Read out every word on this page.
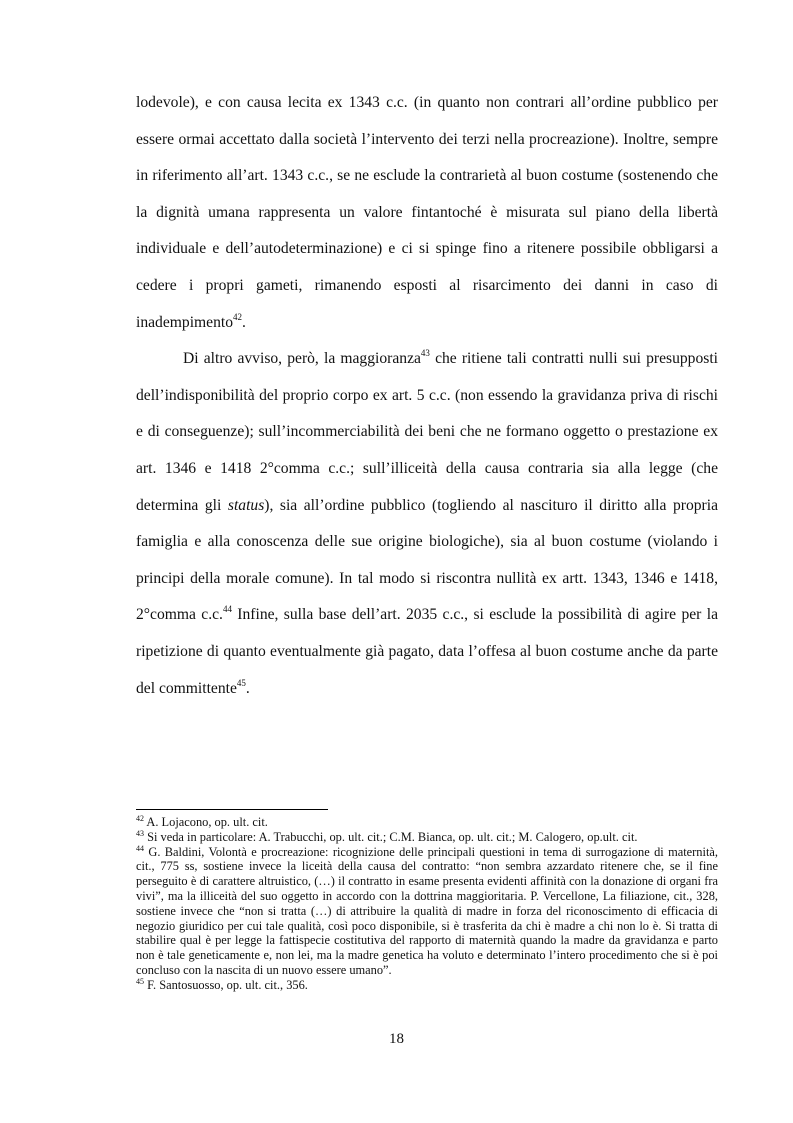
lodevole), e con causa lecita ex 1343 c.c. (in quanto non contrari all’ordine pubblico per essere ormai accettato dalla società l’intervento dei terzi nella procreazione). Inoltre, sempre in riferimento all’art. 1343 c.c., se ne esclude la contrarietà al buon costume (sostenendo che la dignità umana rappresenta un valore fintantoché è misurata sul piano della libertà individuale e dell’autodeterminazione) e ci si spinge fino a ritenere possibile obbligarsi a cedere i propri gameti, rimanendo esposti al risarcimento dei danni in caso di inadempimento$^{42}$.

Di altro avviso, però, la maggioranza$^{43}$ che ritiene tali contratti nulli sui presupposti dell’indisponibilità del proprio corpo ex art. 5 c.c. (non essendo la gravidanza priva di rischi e di conseguenze); sull’incommerciabilità dei beni che ne formano oggetto o prestazione ex art. 1346 e 1418 2°comma c.c.; sull’illiceità della causa contraria sia alla legge (che determina gli status), sia all’ordine pubblico (togliendo al nascituro il diritto alla propria famiglia e alla conoscenza delle sue origine biologiche), sia al buon costume (violando i principi della morale comune). In tal modo si riscontra nullità ex artt. 1343, 1346 e 1418, 2°comma c.c.$^{44}$ Infine, sulla base dell’art. 2035 c.c., si esclude la possibilità di agire per la ripetizione di quanto eventualmente già pagato, data l’offesa al buon costume anche da parte del committente$^{45}$.

$^{42}$ A. Lojacono, op. ult. cit.

$^{43}$ Si veda in particolare: A. Trabucchi, op. ult. cit.; C.M. Bianca, op. ult. cit.; M. Calogero, op.ult. cit.

$^{44}$ G. Baldini, Volontà e procreazione: ricognizione delle principali questioni in tema di surrogazione di maternità, cit., 775 ss, sostiene invece la liceità della causa del contratto: “non sembra azzardato ritenere che, se il fine perseguito è di carattere altruistico, (…) il contratto in esame presenta evidenti affinità con la donazione di organi fra vivi”, ma la illiceità del suo oggetto in accordo con la dottrina maggioritaria. P. Vercellone, La filiazione, cit., 328, sostiene invece che “non si tratta (…) di attribuire la qualità di madre in forza del riconoscimento di efficacia di negozio giuridico per cui tale qualità, così poco disponibile, si è trasferita da chi è madre a chi non lo è. Si tratta di stabilire qual è per legge la fattispecie costitutiva del rapporto di maternità quando la madre da gravidanza e parto non è tale geneticamente e, non lei, ma la madre genetica ha voluto e determinato l’intero procedimento che si è poi concluso con la nascita di un nuovo essere umano”.

$^{45}$ F. Santosuosso, op. ult. cit., 356.

18
